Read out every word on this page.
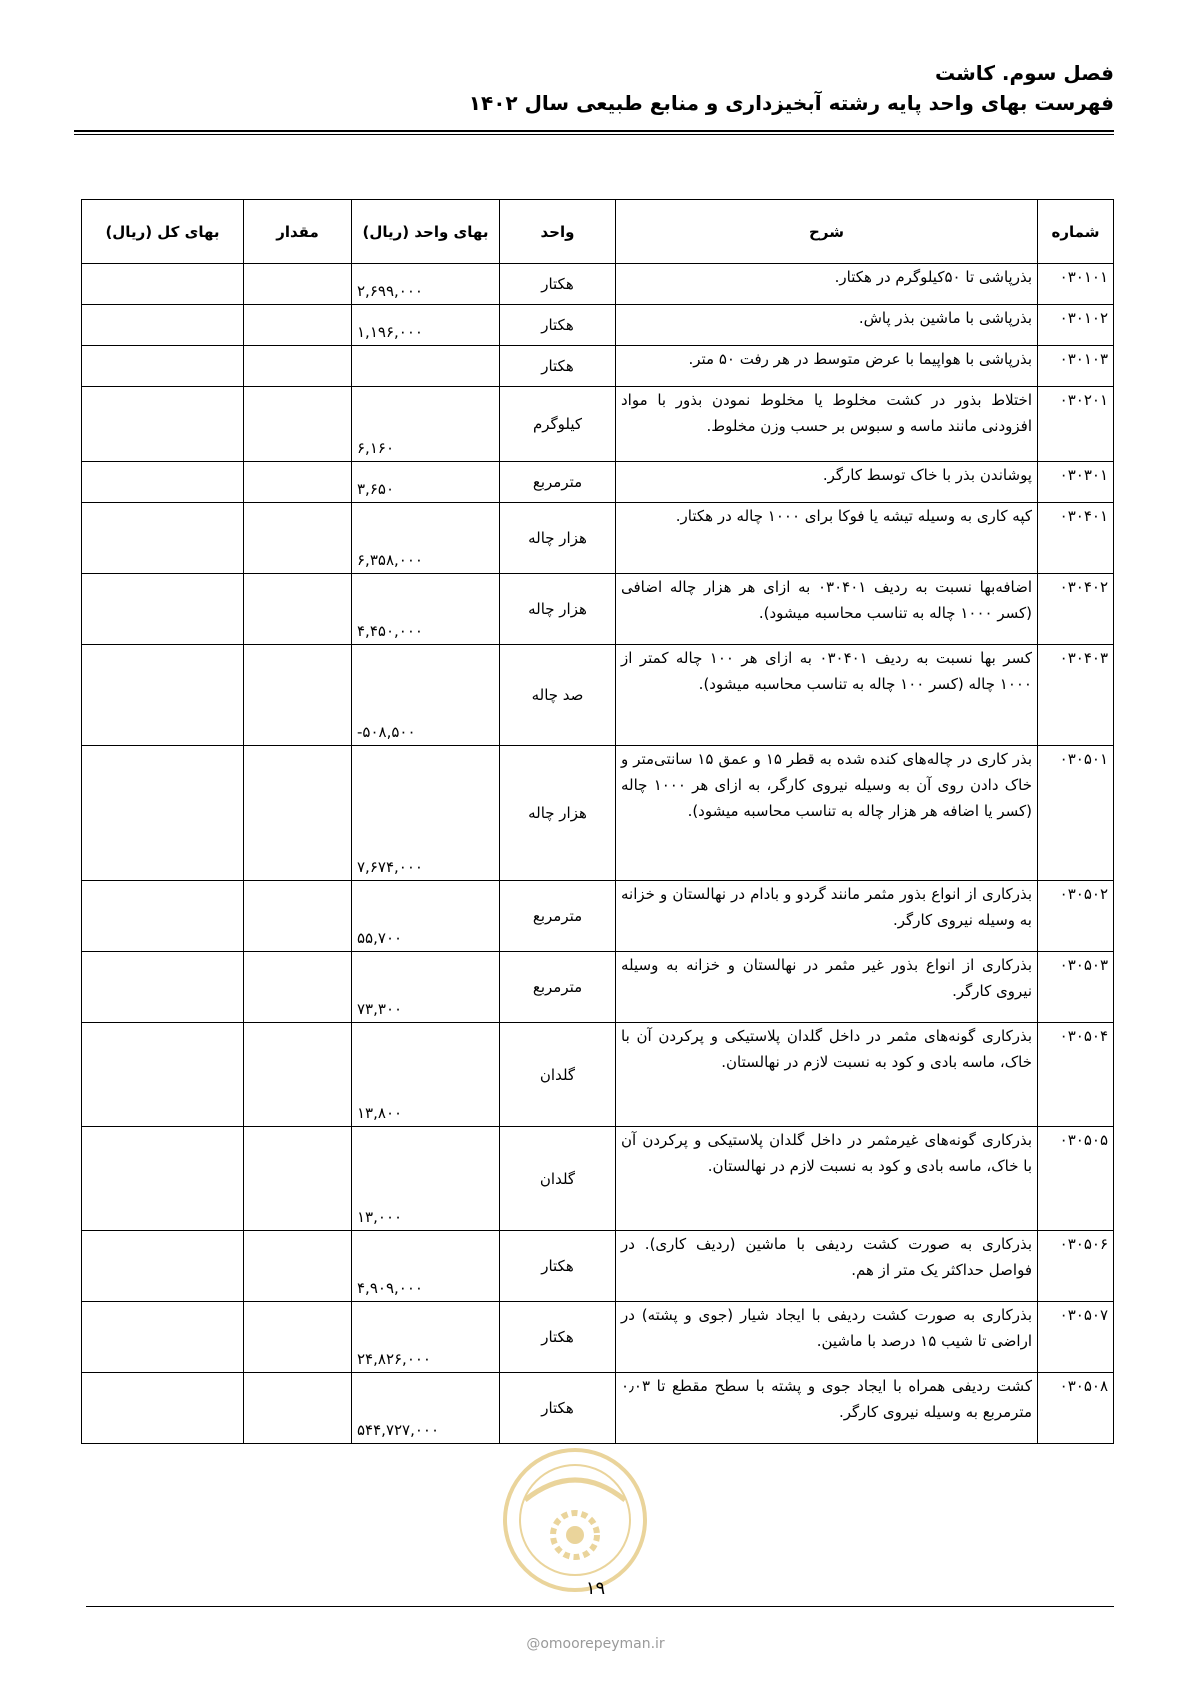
فصل سوم. کاشت
فهرست بهای واحد پایه رشته آبخیزداری و منابع طبیعی سال ۱۴۰۲
شماره	شرح	واحد	بهای واحد (ریال)	مقدار	بهای کل (ریال)
۰۳۰۱۰۱	بذرپاشی تا ۵۰کیلوگرم در هکتار.	هکتار	۲,۶۹۹,۰۰۰		
۰۳۰۱۰۲	بذرپاشی با ماشین بذر پاش.	هکتار	۱,۱۹۶,۰۰۰		
۰۳۰۱۰۳	بذرپاشی با هواپیما با عرض متوسط در هر رفت ۵۰ متر.	هکتار			
۰۳۰۲۰۱	اختلاط بذور در کشت مخلوط یا مخلوط نمودن بذور با مواد افزودنی مانند ماسه و سبوس بر حسب وزن مخلوط.	کیلوگرم	۶,۱۶۰		
۰۳۰۳۰۱	پوشاندن بذر با خاک توسط کارگر.	مترمربع	۳,۶۵۰		
۰۳۰۴۰۱	کپه کاری به وسیله تیشه یا فوکا برای ۱۰۰۰ چاله در هکتار.	هزار چاله	۶,۳۵۸,۰۰۰		
۰۳۰۴۰۲	اضافه‌بها نسبت به ردیف ۰۳۰۴۰۱ به ازای هر هزار چاله اضافی (کسر ۱۰۰۰ چاله به تناسب محاسبه میشود).	هزار چاله	۴,۴۵۰,۰۰۰		
۰۳۰۴۰۳	کسر بها نسبت به ردیف ۰۳۰۴۰۱ به ازای هر ۱۰۰ چاله کمتر از ۱۰۰۰ چاله (کسر ۱۰۰ چاله به تناسب محاسبه میشود).	صد چاله	-۵۰۸,۵۰۰		
۰۳۰۵۰۱	بذر کاری در چاله‌های کنده شده به قطر ۱۵ و عمق ۱۵ سانتی‌متر و خاک دادن روی آن به وسیله نیروی کارگر، به ازای هر ۱۰۰۰ چاله (کسر یا اضافه هر هزار چاله به تناسب محاسبه میشود).	هزار چاله	۷,۶۷۴,۰۰۰		
۰۳۰۵۰۲	بذرکاری از انواع بذور مثمر مانند گردو و بادام در نهالستان و خزانه به وسیله نیروی کارگر.	مترمربع	۵۵,۷۰۰		
۰۳۰۵۰۳	بذرکاری از انواع بذور غیر مثمر در نهالستان و خزانه به وسیله نیروی کارگر.	مترمربع	۷۳,۳۰۰		
۰۳۰۵۰۴	بذرکاری گونه‌های مثمر در داخل گلدان پلاستیکی و پرکردن آن با خاک، ماسه بادی و کود به نسبت لازم در نهالستان.	گلدان	۱۳,۸۰۰		
۰۳۰۵۰۵	بذرکاری گونه‌های غیرمثمر در داخل گلدان پلاستیکی و پرکردن آن با خاک، ماسه بادی و کود به نسبت لازم در نهالستان.	گلدان	۱۳,۰۰۰		
۰۳۰۵۰۶	بذرکاری به صورت کشت ردیفی با ماشین (ردیف کاری). در فواصل حداکثر یک متر از هم.	هکتار	۴,۹۰۹,۰۰۰		
۰۳۰۵۰۷	بذرکاری به صورت کشت ردیفی با ایجاد شیار (جوی و پشته) در اراضی تا شیب ۱۵ درصد با ماشین.	هکتار	۲۴,۸۲۶,۰۰۰		
۰۳۰۵۰۸	کشت ردیفی همراه با ایجاد جوی و پشته با سطح مقطع تا ۰٫۰۳ مترمربع به وسیله نیروی کارگر.	هکتار	۵۴۴,۷۲۷,۰۰۰		
۱۹
@omoorepeyman.ir
